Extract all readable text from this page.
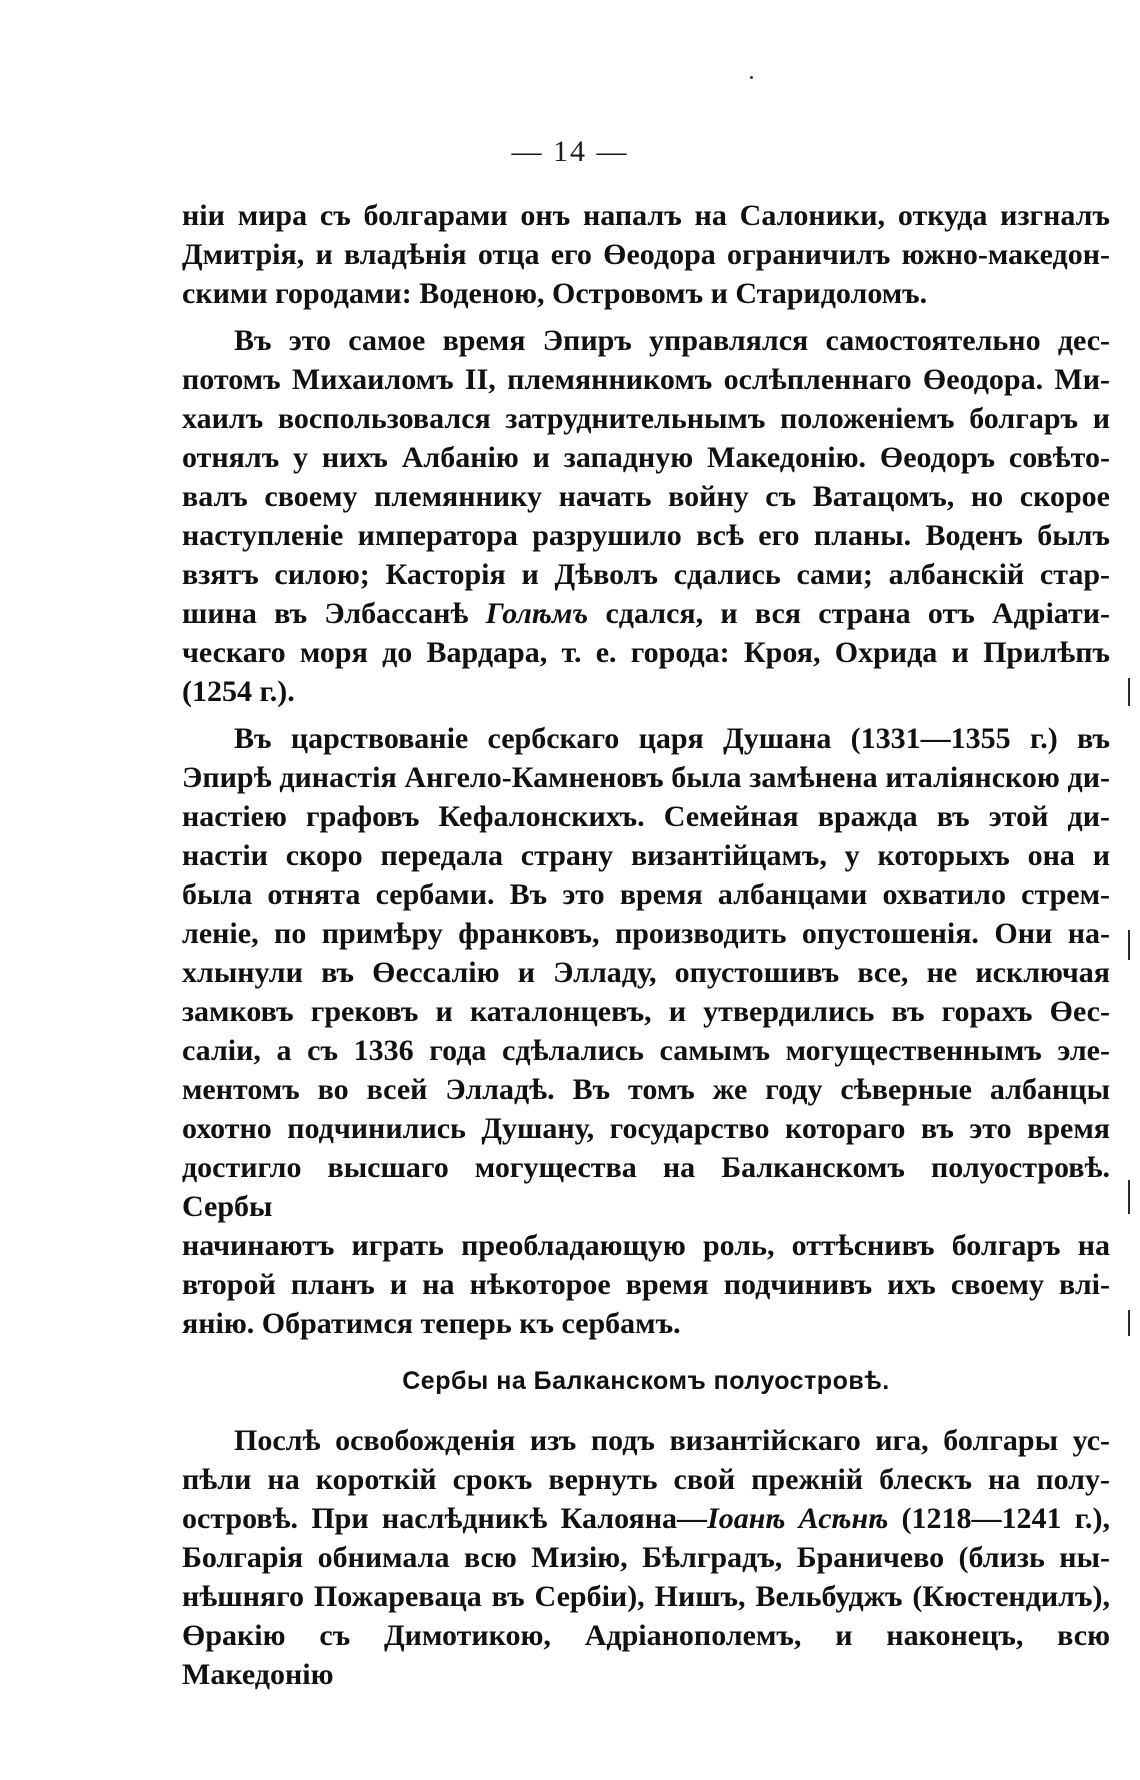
— 14 —
ніи мира съ болгарами онъ напалъ на Салоники, откуда изгналъ
Дмитрія, и владѣнія отца его Өеодора ограничилъ южно-македон-
скими городами: Воденою, Островомъ и Старидоломъ.
Въ это самое время Эпиръ управлялся самостоятельно дес-
потомъ Михаиломъ II, племянникомъ ослѣпленнаго Өеодора. Ми-
хаилъ воспользовался затруднительнымъ положеніемъ болгаръ и
отнялъ у нихъ Албанію и западную Македонію. Өеодоръ совѣто-
валъ своему племяннику начать войну съ Ватацомъ, но скорое
наступленіе императора разрушило всѣ его планы. Воденъ былъ
взятъ силою; Касторія и Дѣволъ сдались сами; албанскій стар-
шина въ Элбассанѣ Голѣмъ сдался, и вся страна отъ Адріати-
ческаго моря до Вардара, т. е. города: Кроя, Охрида и Прилѣпъ
(1254 г.).
Въ царствованіе сербскаго царя Душана (1331—1355 г.) въ
Эпирѣ династія Ангело-Камненовъ была замѣнена италіянскою ди-
настіею графовъ Кефалонскихъ. Семейная вражда въ этой ди-
настіи скоро передала страну византійцамъ, у которыхъ она и
была отнята сербами. Въ это время албанцами охватило стрем-
леніе, по примѣру франковъ, производить опустошенія. Они на-
хлынули въ Өессалію и Элладу, опустошивъ все, не исключая
замковъ грековъ и каталонцевъ, и утвердились въ горахъ Өес-
саліи, а съ 1336 года сдѣлались самымъ могущественнымъ эле-
ментомъ во всей Элладѣ. Въ томъ же году сѣверные албанцы
охотно подчинились Душану, государство котораго въ это время
достигло высшаго могущества на Балканскомъ полуостровѣ. Сербы
начинаютъ играть преобладающую роль, оттѣснивъ болгаръ на
второй планъ и на нѣкоторое время подчинивъ ихъ своему влі-
янію. Обратимся теперь къ сербамъ.
Сербы на Балканскомъ полуостровѣ.
Послѣ освобожденія изъ подъ византійскаго ига, болгары ус-
пѣли на короткій срокъ вернуть свой прежній блескъ на полу-
островѣ. При наслѣдникѣ Калояна—Іоанѣ Асѣнѣ (1218—1241 г.),
Болгарія обнимала всю Мизію, Бѣлградъ, Браничево (близь ны-
нѣшняго Пожареваца въ Сербіи), Нишъ, Вельбуджъ (Кюстендилъ),
Өракію съ Димотикою, Адріанополемъ, и наконецъ, всю Македонію
